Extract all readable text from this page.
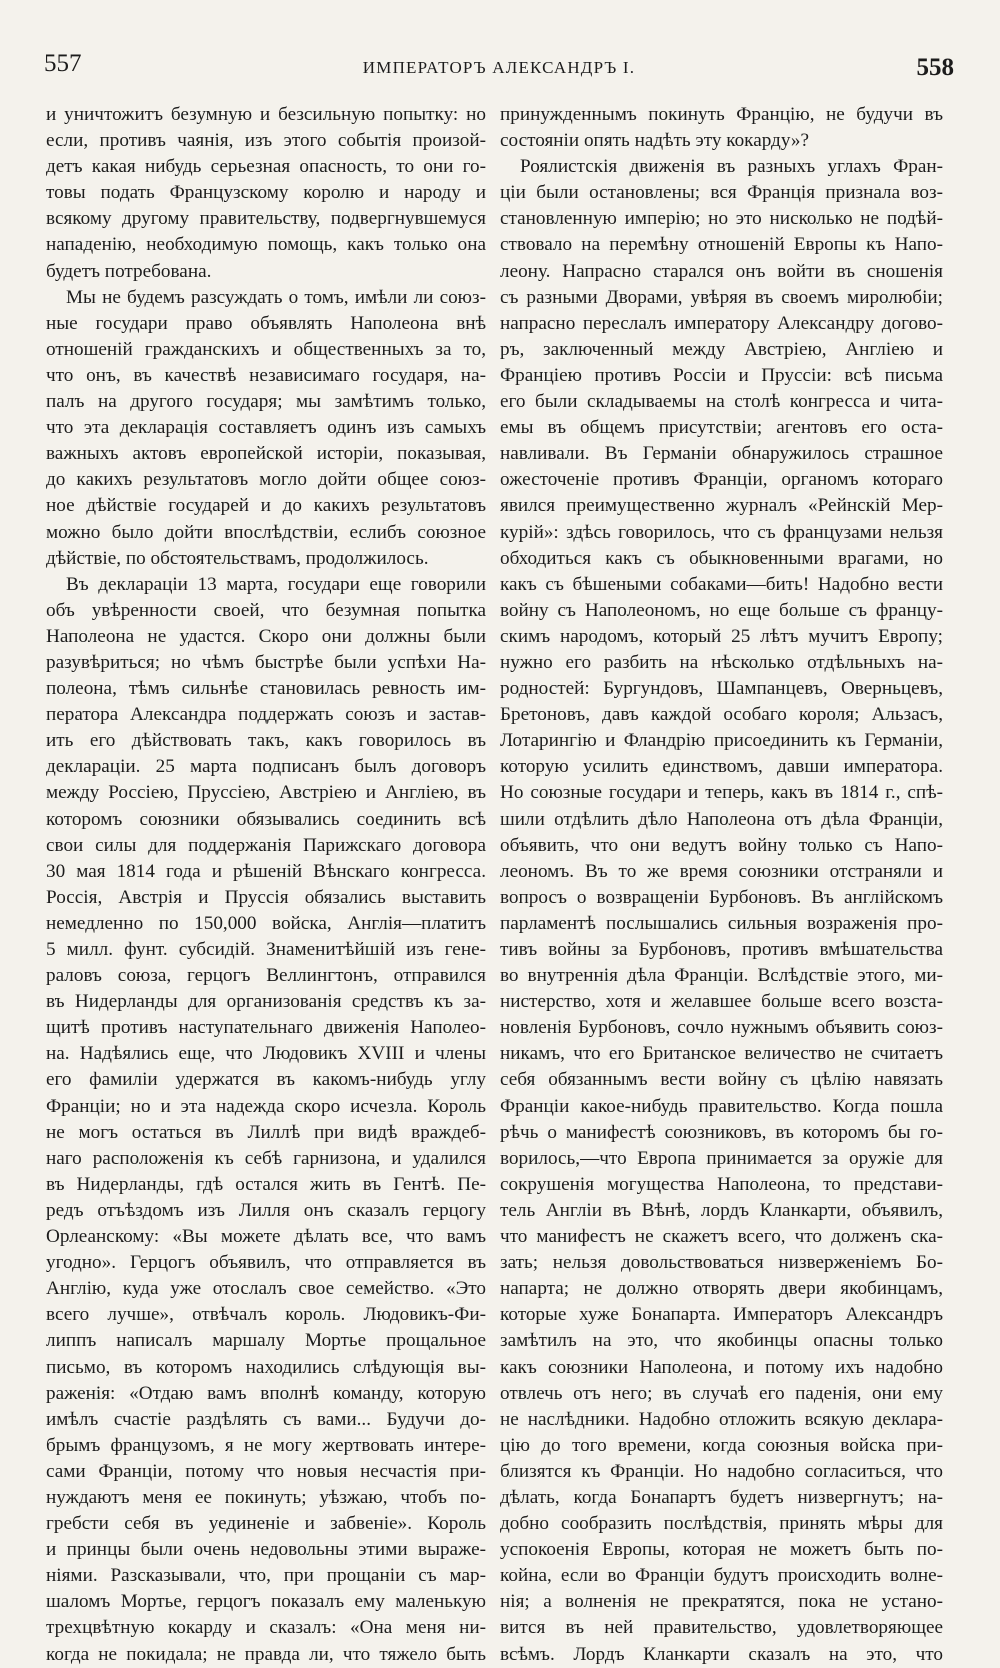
557	ИМПЕРАТОРЪ АЛЕКСАНДРЪ I.	558
и уничтожитъ безумную и безсильную попытку: но
если, противъ чаянія, изъ этого событія произой-
детъ какая нибудь серьезная опасность, то они го-
товы подать Французскому королю и народу и
всякому другому правительству, подвергнувшемуся
нападенію, необходимую помощь, какъ только она
будетъ потребована.
Мы не будемъ разсуждать о томъ, имѣли ли союз-
ные государи право объявлять Наполеона внѣ
отношеній гражданскихъ и общественныхъ за то,
что онъ, въ качествѣ независимаго государя, на-
палъ на другого государя; мы замѣтимъ только,
что эта декларація составляетъ одинъ изъ самыхъ
важныхъ актовъ европейской исторіи, показывая,
до какихъ результатовъ могло дойти общее союз-
ное дѣйствіе государей и до какихъ результатовъ
можно было дойти впослѣдствіи, еслибъ союзное
дѣйствіе, по обстоятельствамъ, продолжилось.
Въ деклараціи 13 марта, государи еще говорили
объ увѣренности своей, что безумная попытка
Наполеона не удастся. Скоро они должны были
разувѣриться; но чѣмъ быстрѣе были успѣхи На-
полеона, тѣмъ сильнѣе становилась ревность им-
ператора Александра поддержать союзъ и застав-
ить его дѣйствовать такъ, какъ говорилось въ
деклараціи. 25 марта подписанъ былъ договоръ
между Россіею, Пруссіею, Австріею и Англіею, въ
которомъ союзники обязывались соединить всѣ
свои силы для поддержанія Парижскаго договора
30 мая 1814 года и рѣшеній Вѣнскаго конгресса.
Россія, Австрія и Пруссія обязались выставить
немедленно по 150,000 войска, Англія—платитъ
5 милл. фунт. субсидій. Знаменитѣйшій изъ гене-
раловъ союза, герцогъ Веллингтонъ, отправился
въ Нидерланды для организованія средствъ къ за-
щитѣ противъ наступательнаго движенія Наполео-
на. Надѣялись еще, что Людовикъ XVIII и члены
его фамиліи удержатся въ какомъ-нибудь углу
Франціи; но и эта надежда скоро исчезла. Король
не могъ остаться въ Лиллѣ при видѣ враждеб-
наго расположенія къ себѣ гарнизона, и удалился
въ Нидерланды, гдѣ остался жить въ Гентѣ. Пе-
редъ отъѣздомъ изъ Лилля онъ сказалъ герцогу
Орлеанскому: «Вы можете дѣлать все, что вамъ
угодно». Герцогъ объявилъ, что отправляется въ
Англію, куда уже отослалъ свое семейство. «Это
всего лучше», отвѣчалъ король. Людовикъ-Фи-
липпъ написалъ маршалу Мортье прощальное
письмо, въ которомъ находились слѣдующія вы-
раженія: «Отдаю вамъ вполнѣ команду, которую
имѣлъ счастіе раздѣлять съ вами... Будучи до-
брымъ французомъ, я не могу жертвовать интере-
сами Франціи, потому что новыя несчастія при-
нуждаютъ меня ее покинуть; уѣзжаю, чтобъ по-
гребсти себя въ уединеніе и забвеніе». Король
и принцы были очень недовольны этими выраже-
ніями. Разсказывали, что, при прощаніи съ мар-
шаломъ Мортье, герцогъ показалъ ему маленькую
трехцвѣтную кокарду и сказалъ: «Она меня ни-
когда не покидала; не правда ли, что тяжело быть
принужденнымъ покинуть Францію, не будучи въ
состояніи опять надѣть эту кокарду»?
Роялистскія движенія въ разныхъ углахъ Фран-
ціи были остановлены; вся Франція признала воз-
становленную имперію; но это нисколько не подѣй-
ствовало на перемѣну отношеній Европы къ Напо-
леону. Напрасно старался онъ войти въ сношенія
съ разными Дворами, увѣряя въ своемъ миролюбіи;
напрасно переслалъ императору Александру догово-
ръ, заключенный между Австріею, Англіею и
Франціею противъ Россіи и Пруссіи: всѣ письма
его были складываемы на столѣ конгресса и чита-
емы въ общемъ присутствіи; агентовъ его оста-
навливали. Въ Германіи обнаружилось страшное
ожесточеніе противъ Франціи, органомъ котораго
явился преимущественно журналъ «Рейнскій Мер-
курій»: здѣсь говорилось, что съ французами нельзя
обходиться какъ съ обыкновенными врагами, но
какъ съ бѣшеными собаками—бить! Надобно вести
войну съ Наполеономъ, но еще больше съ францу-
скимъ народомъ, который 25 лѣтъ мучитъ Европу;
нужно его разбить на нѣсколько отдѣльныхъ на-
родностей: Бургундовъ, Шампанцевъ, Оверньцевъ,
Бретоновъ, давъ каждой особаго короля; Альзасъ,
Лотарингію и Фландрію присоединить къ Германіи,
которую усилить единствомъ, давши императора.
Но союзные государи и теперь, какъ въ 1814 г., спѣ-
шили отдѣлить дѣло Наполеона отъ дѣла Франціи,
объявить, что они ведутъ войну только съ Напо-
леономъ. Въ то же время союзники отстраняли и
вопросъ о возвращеніи Бурбоновъ. Въ англійскомъ
парламентѣ послышались сильныя возраженія про-
тивъ войны за Бурбоновъ, противъ вмѣшательства
во внутреннія дѣла Франціи. Вслѣдствіе этого, ми-
нистерство, хотя и желавшее больше всего возста-
новленія Бурбоновъ, сочло нужнымъ объявить союз-
никамъ, что его Британское величество не считаетъ
себя обязаннымъ вести войну съ цѣлію навязать
Франціи какое-нибудь правительство. Когда пошла
рѣчь о манифестѣ союзниковъ, въ которомъ бы го-
ворилось,—что Европа принимается за оружіе для
сокрушенія могущества Наполеона, то представи-
тель Англіи въ Вѣнѣ, лордъ Кланкарти, объявилъ,
что манифестъ не скажетъ всего, что долженъ ска-
зать; нельзя довольствоваться низверженіемъ Бо-
напарта; не должно отворять двери якобинцамъ,
которые хуже Бонапарта. Императоръ Александръ
замѣтилъ на это, что якобинцы опасны только
какъ союзники Наполеона, и потому ихъ надобно
отвлечь отъ него; въ случаѣ его паденія, они ему
не наслѣдники. Надобно отложить всякую деклара-
цію до того времени, когда союзныя войска при-
близятся къ Франціи. Но надобно согласиться, что
дѣлать, когда Бонапартъ будетъ низвергнутъ; на-
добно сообразить послѣдствія, принять мѣры для
успокоенія Европы, которая не можетъ быть по-
койна, если во Франціи будутъ происходить волне-
нія; а волненія не прекратятся, пока не устано-
вится въ ней правительство, удовлетворяющее
всѣмъ. Лордъ Кланкарти сказалъ на это, что
